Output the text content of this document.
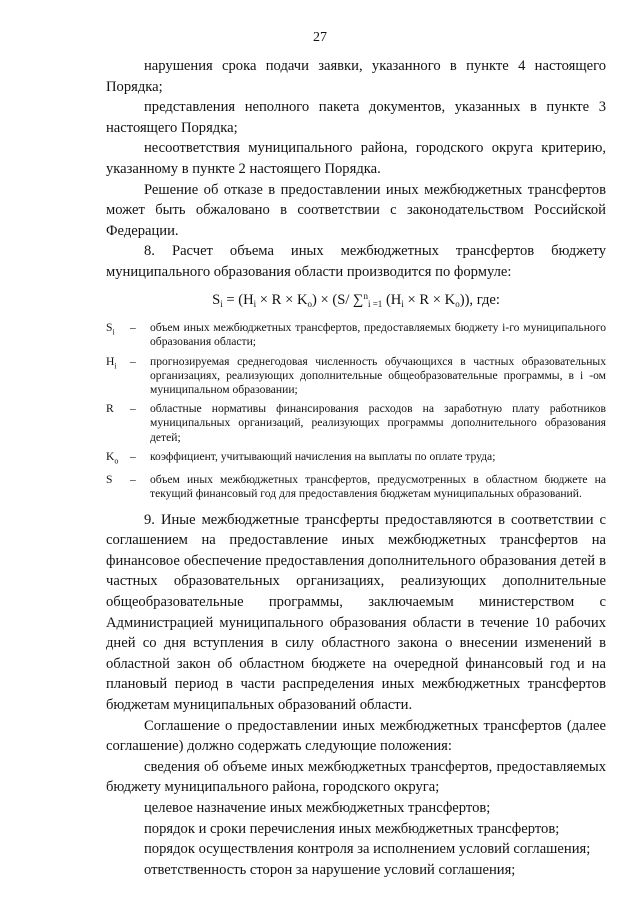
27

нарушения срока подачи заявки, указанного в пункте 4 настоящего Порядка;

представления неполного пакета документов, указанных в пункте 3 настоящего Порядка;

несоответствия муниципального района, городского округа критерию, указанному в пункте 2 настоящего Порядка.

Решение об отказе в предоставлении иных межбюджетных трансфертов может быть обжаловано в соответствии с законодательством Российской Федерации.

8. Расчет объема иных межбюджетных трансфертов бюджету муниципального образования области производится по формуле:

$S_i = (H_i \times R \times K_o) \times (S/$ ∑$^n_{i =1}$ $(H_i \times R \times K_o)$), где:
$S_i$	–	объем иных межбюджетных трансфертов, предоставляемых бюджету i-го муниципального образования области;
$H_i$	–	прогнозируемая среднегодовая численность обучающихся в частных образовательных организациях, реализующих дополнительные общеобразовательные программы, в i -ом муниципальном образовании;
R	–	областные нормативы финансирования расходов на заработную плату работников муниципальных организаций, реализующих программы дополнительного образования детей;
$K_o$	–	коэффициент, учитывающий начисления на выплаты по оплате труда;
S	–	объем иных межбюджетных трансфертов, предусмотренных в областном бюджете на текущий финансовый год для предоставления бюджетам муниципальных образований.

9. Иные межбюджетные трансферты предоставляются в соответствии с соглашением на предоставление иных межбюджетных трансфертов на финансовое обеспечение предоставления дополнительного образования детей в частных образовательных организациях, реализующих дополнительные общеобразовательные программы, заключаемым министерством с Администрацией муниципального образования области в течение 10 рабочих дней со дня вступления в силу областного закона о внесении изменений в областной закон об областном бюджете на очередной финансовый год и на плановый период в части распределения иных межбюджетных трансфертов бюджетам муниципальных образований области.

Соглашение о предоставлении иных межбюджетных трансфертов (далее соглашение) должно содержать следующие положения:

сведения об объеме иных межбюджетных трансфертов, предоставляемых бюджету муниципального района, городского округа;

целевое назначение иных межбюджетных трансфертов;

порядок и сроки перечисления иных межбюджетных трансфертов;

порядок осуществления контроля за исполнением условий соглашения;

ответственность сторон за нарушение условий соглашения;
